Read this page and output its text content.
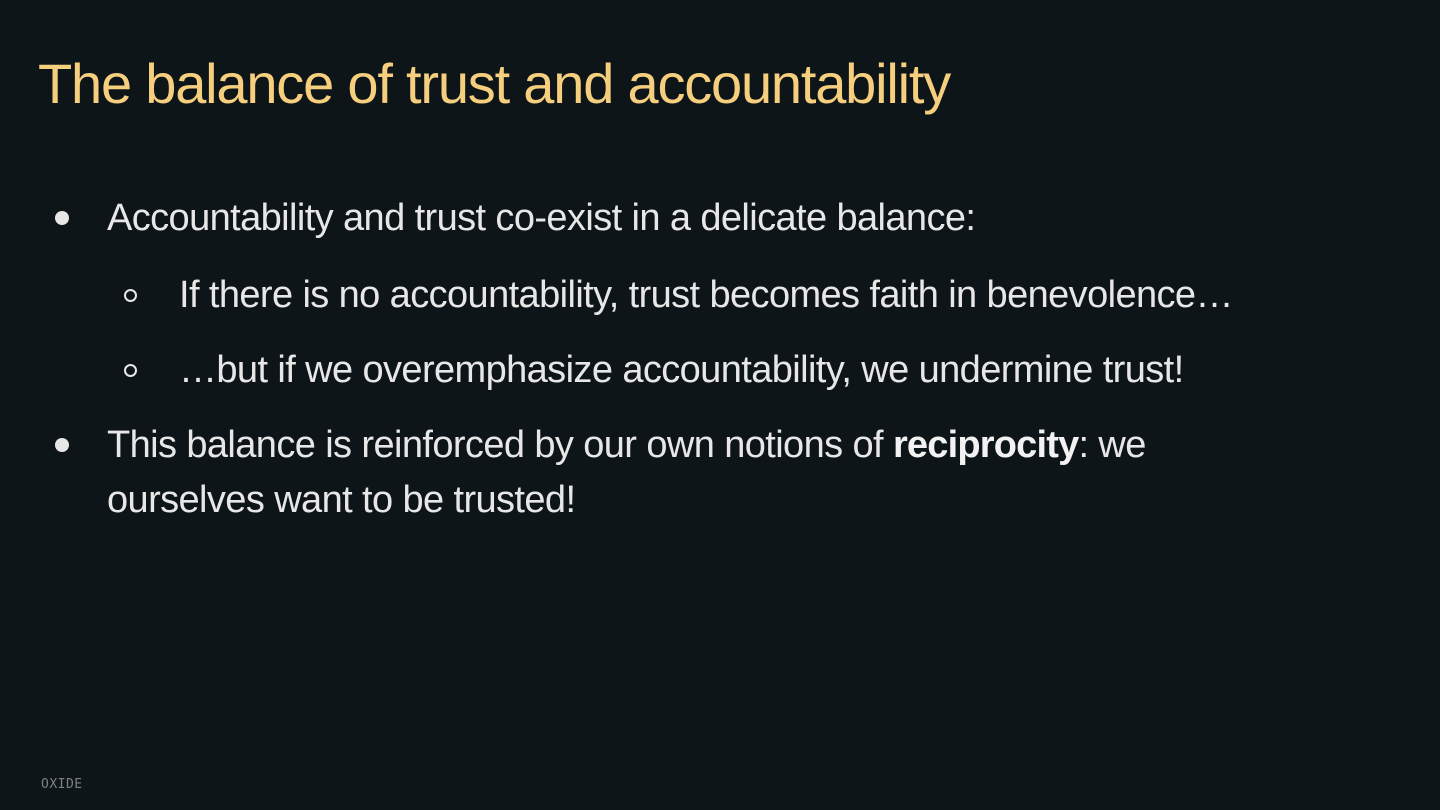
The balance of trust and accountability
Accountability and trust co-exist in a delicate balance:
If there is no accountability, trust becomes faith in benevolence…
…but if we overemphasize accountability, we undermine trust!
This balance is reinforced by our own notions of reciprocity: we ourselves want to be trusted!
OXIDE
